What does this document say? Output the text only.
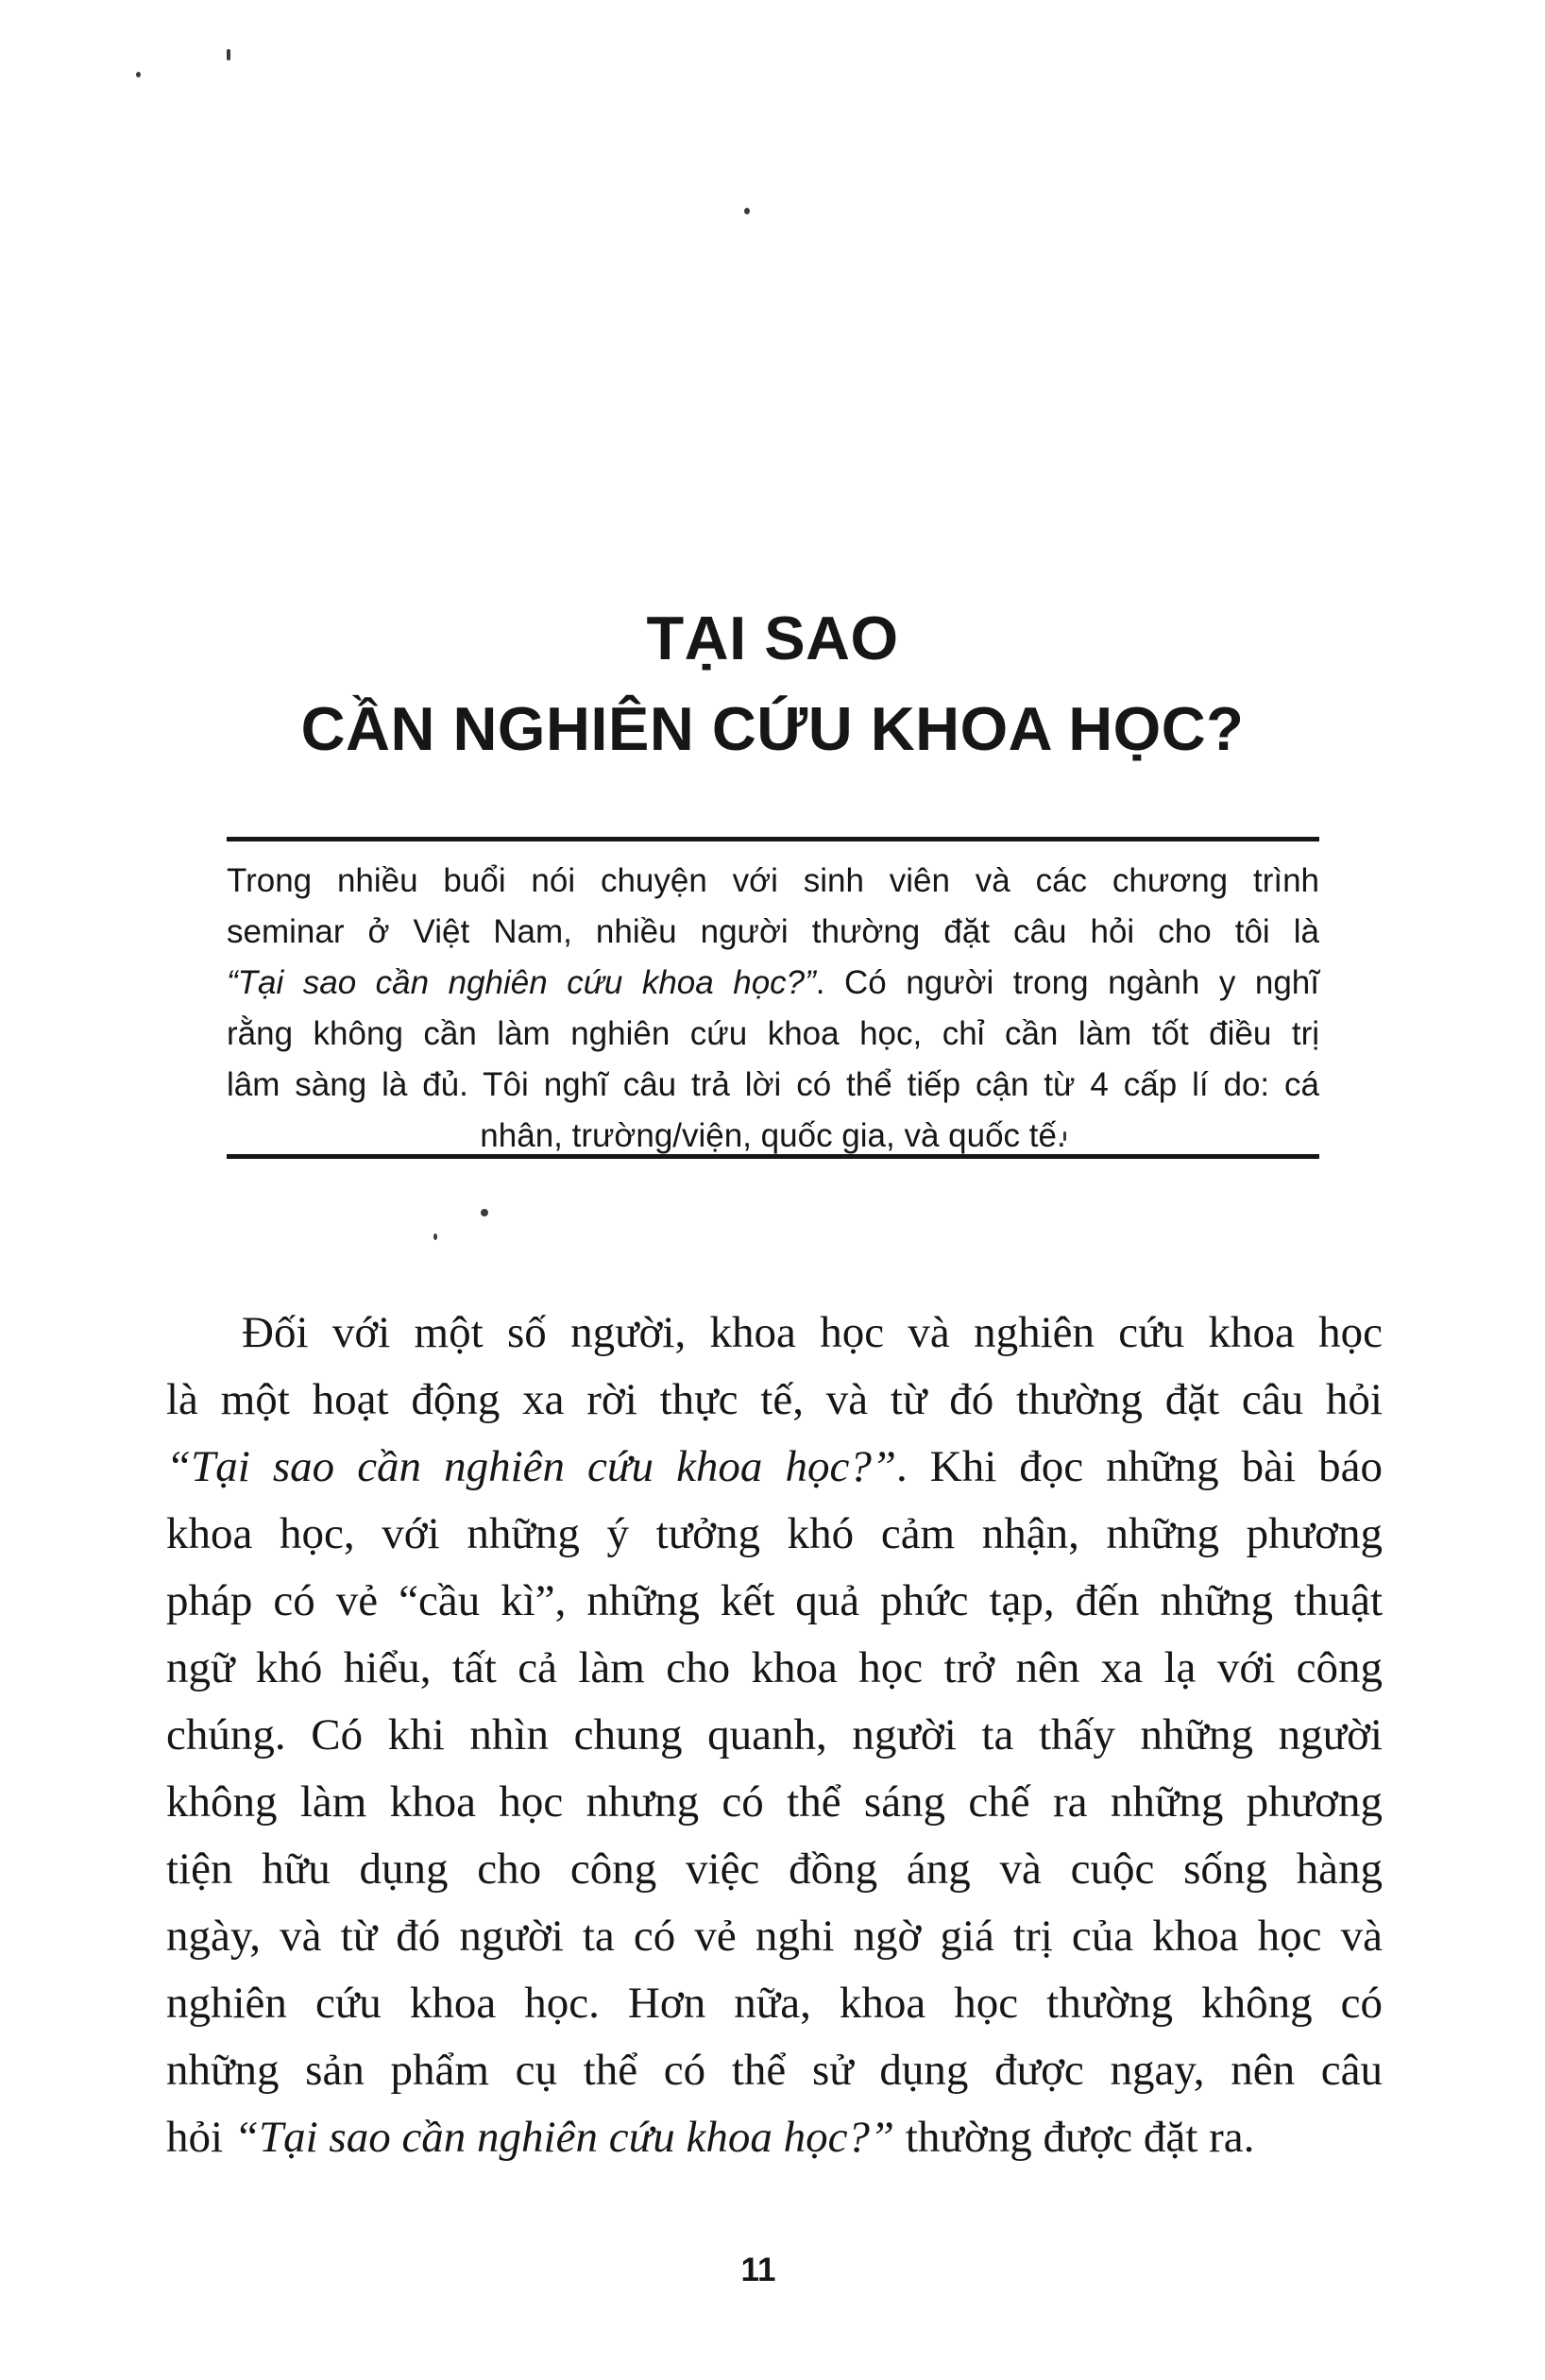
TẠI SAO
CẦN NGHIÊN CỨU KHOA HỌC?
Trong nhiều buổi nói chuyện với sinh viên và các chương trình
seminar ở Việt Nam, nhiều người thường đặt câu hỏi cho tôi là
“Tại sao cần nghiên cứu khoa học?”. Có người trong ngành y nghĩ
rằng không cần làm nghiên cứu khoa học, chỉ cần làm tốt điều trị
lâm sàng là đủ. Tôi nghĩ câu trả lời có thể tiếp cận từ 4 cấp lí do: cá
nhân, trường/viện, quốc gia, và quốc tế.
Đối với một số người, khoa học và nghiên cứu khoa học
là một hoạt động xa rời thực tế, và từ đó thường đặt câu hỏi
“Tại sao cần nghiên cứu khoa học?”. Khi đọc những bài báo
khoa học, với những ý tưởng khó cảm nhận, những phương
pháp có vẻ “cầu kì”, những kết quả phức tạp, đến những thuật
ngữ khó hiểu, tất cả làm cho khoa học trở nên xa lạ với công
chúng. Có khi nhìn chung quanh, người ta thấy những người
không làm khoa học nhưng có thể sáng chế ra những phương
tiện hữu dụng cho công việc đồng áng và cuộc sống hàng
ngày, và từ đó người ta có vẻ nghi ngờ giá trị của khoa học và
nghiên cứu khoa học. Hơn nữa, khoa học thường không có
những sản phẩm cụ thể có thể sử dụng được ngay, nên câu
hỏi “Tại sao cần nghiên cứu khoa học?” thường được đặt ra.
11
